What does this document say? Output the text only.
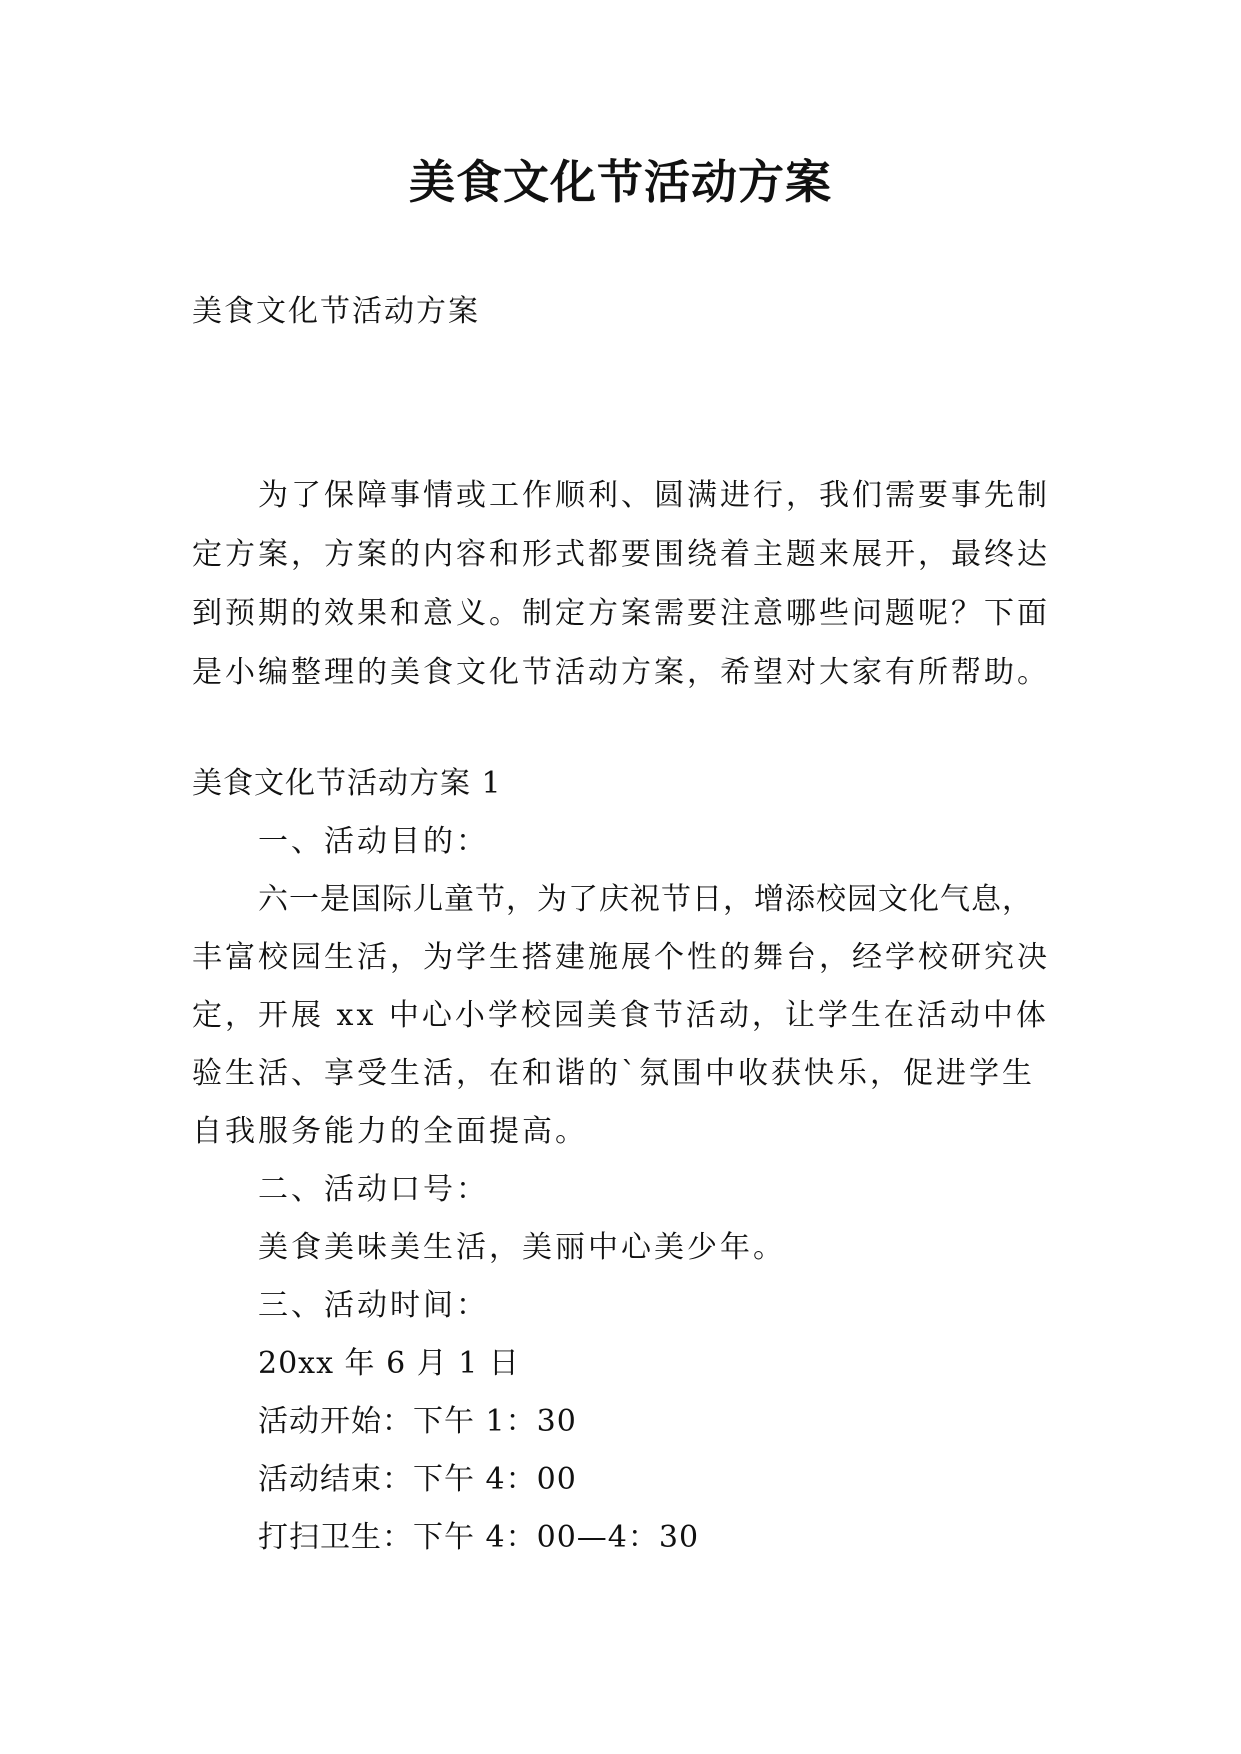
美食文化节活动方案
美食文化节活动方案
为了保障事情或工作顺利、圆满进行，我们需要事先制
定方案，方案的内容和形式都要围绕着主题来展开，最终达
到预期的效果和意义。制定方案需要注意哪些问题呢？下面
是小编整理的美食文化节活动方案，希望对大家有所帮助。
美食文化节活动方案 1
一、活动目的：
六一是国际儿童节，为了庆祝节日，增添校园文化气息，
丰富校园生活，为学生搭建施展个性的舞台，经学校研究决
定，开展 xx 中心小学校园美食节活动，让学生在活动中体
验生活、享受生活，在和谐的`氛围中收获快乐，促进学生
自我服务能力的全面提高。
二、活动口号：
美食美味美生活，美丽中心美少年。
三、活动时间：
20xx 年 6 月 1 日
活动开始：下午 1：30
活动结束：下午 4：00
打扫卫生：下午 4：00—4：30
